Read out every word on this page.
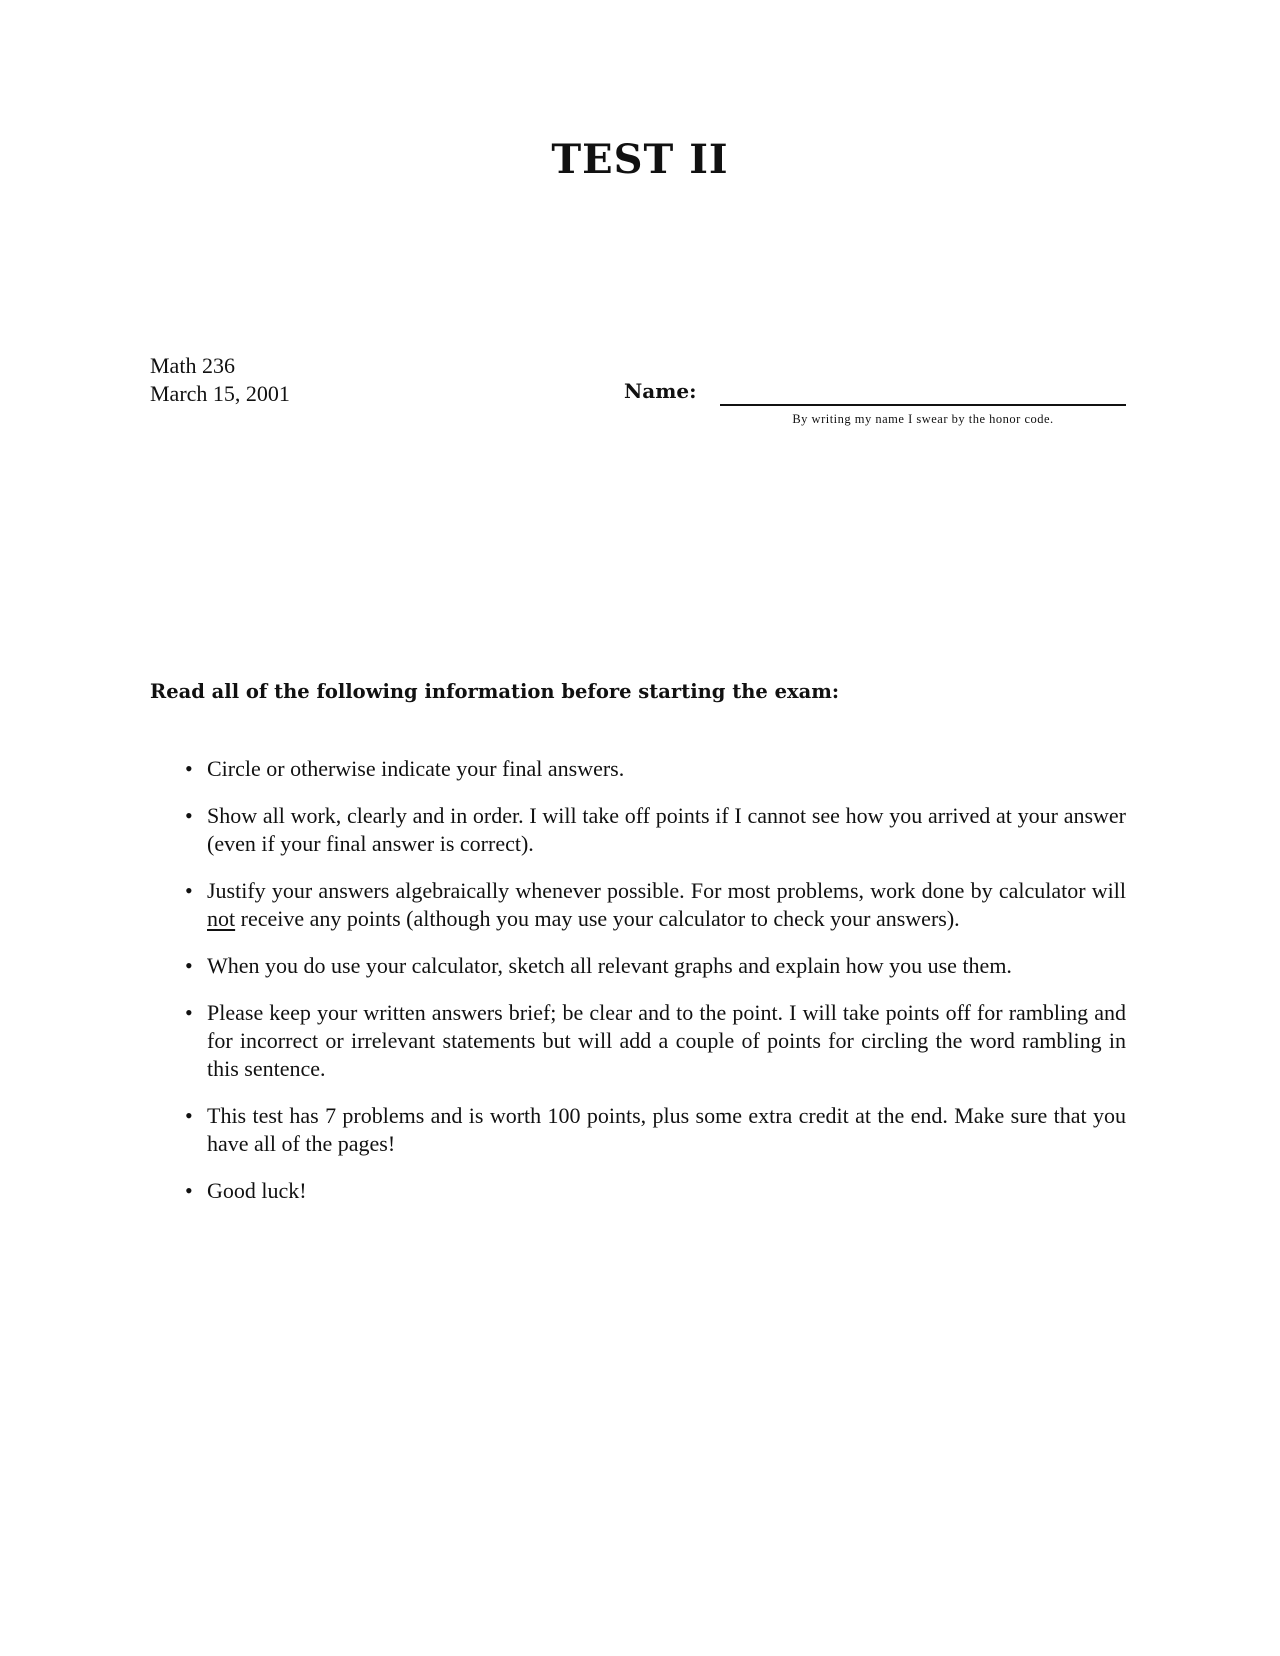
TEST II
Math 236
March 15, 2001	Name:
By writing my name I swear by the honor code.
Read all of the following information before starting the exam:
• Circle or otherwise indicate your final answers.
• Show all work, clearly and in order. I will take off points if I cannot see how you arrived at your answer (even if your final answer is correct).
• Justify your answers algebraically whenever possible. For most problems, work done by calculator will not receive any points (although you may use your calculator to check your answers).
• When you do use your calculator, sketch all relevant graphs and explain how you use them.
• Please keep your written answers brief; be clear and to the point. I will take points off for rambling and for incorrect or irrelevant statements but will add a couple of points for circling the word rambling in this sentence.
• This test has 7 problems and is worth 100 points, plus some extra credit at the end. Make sure that you have all of the pages!
• Good luck!
